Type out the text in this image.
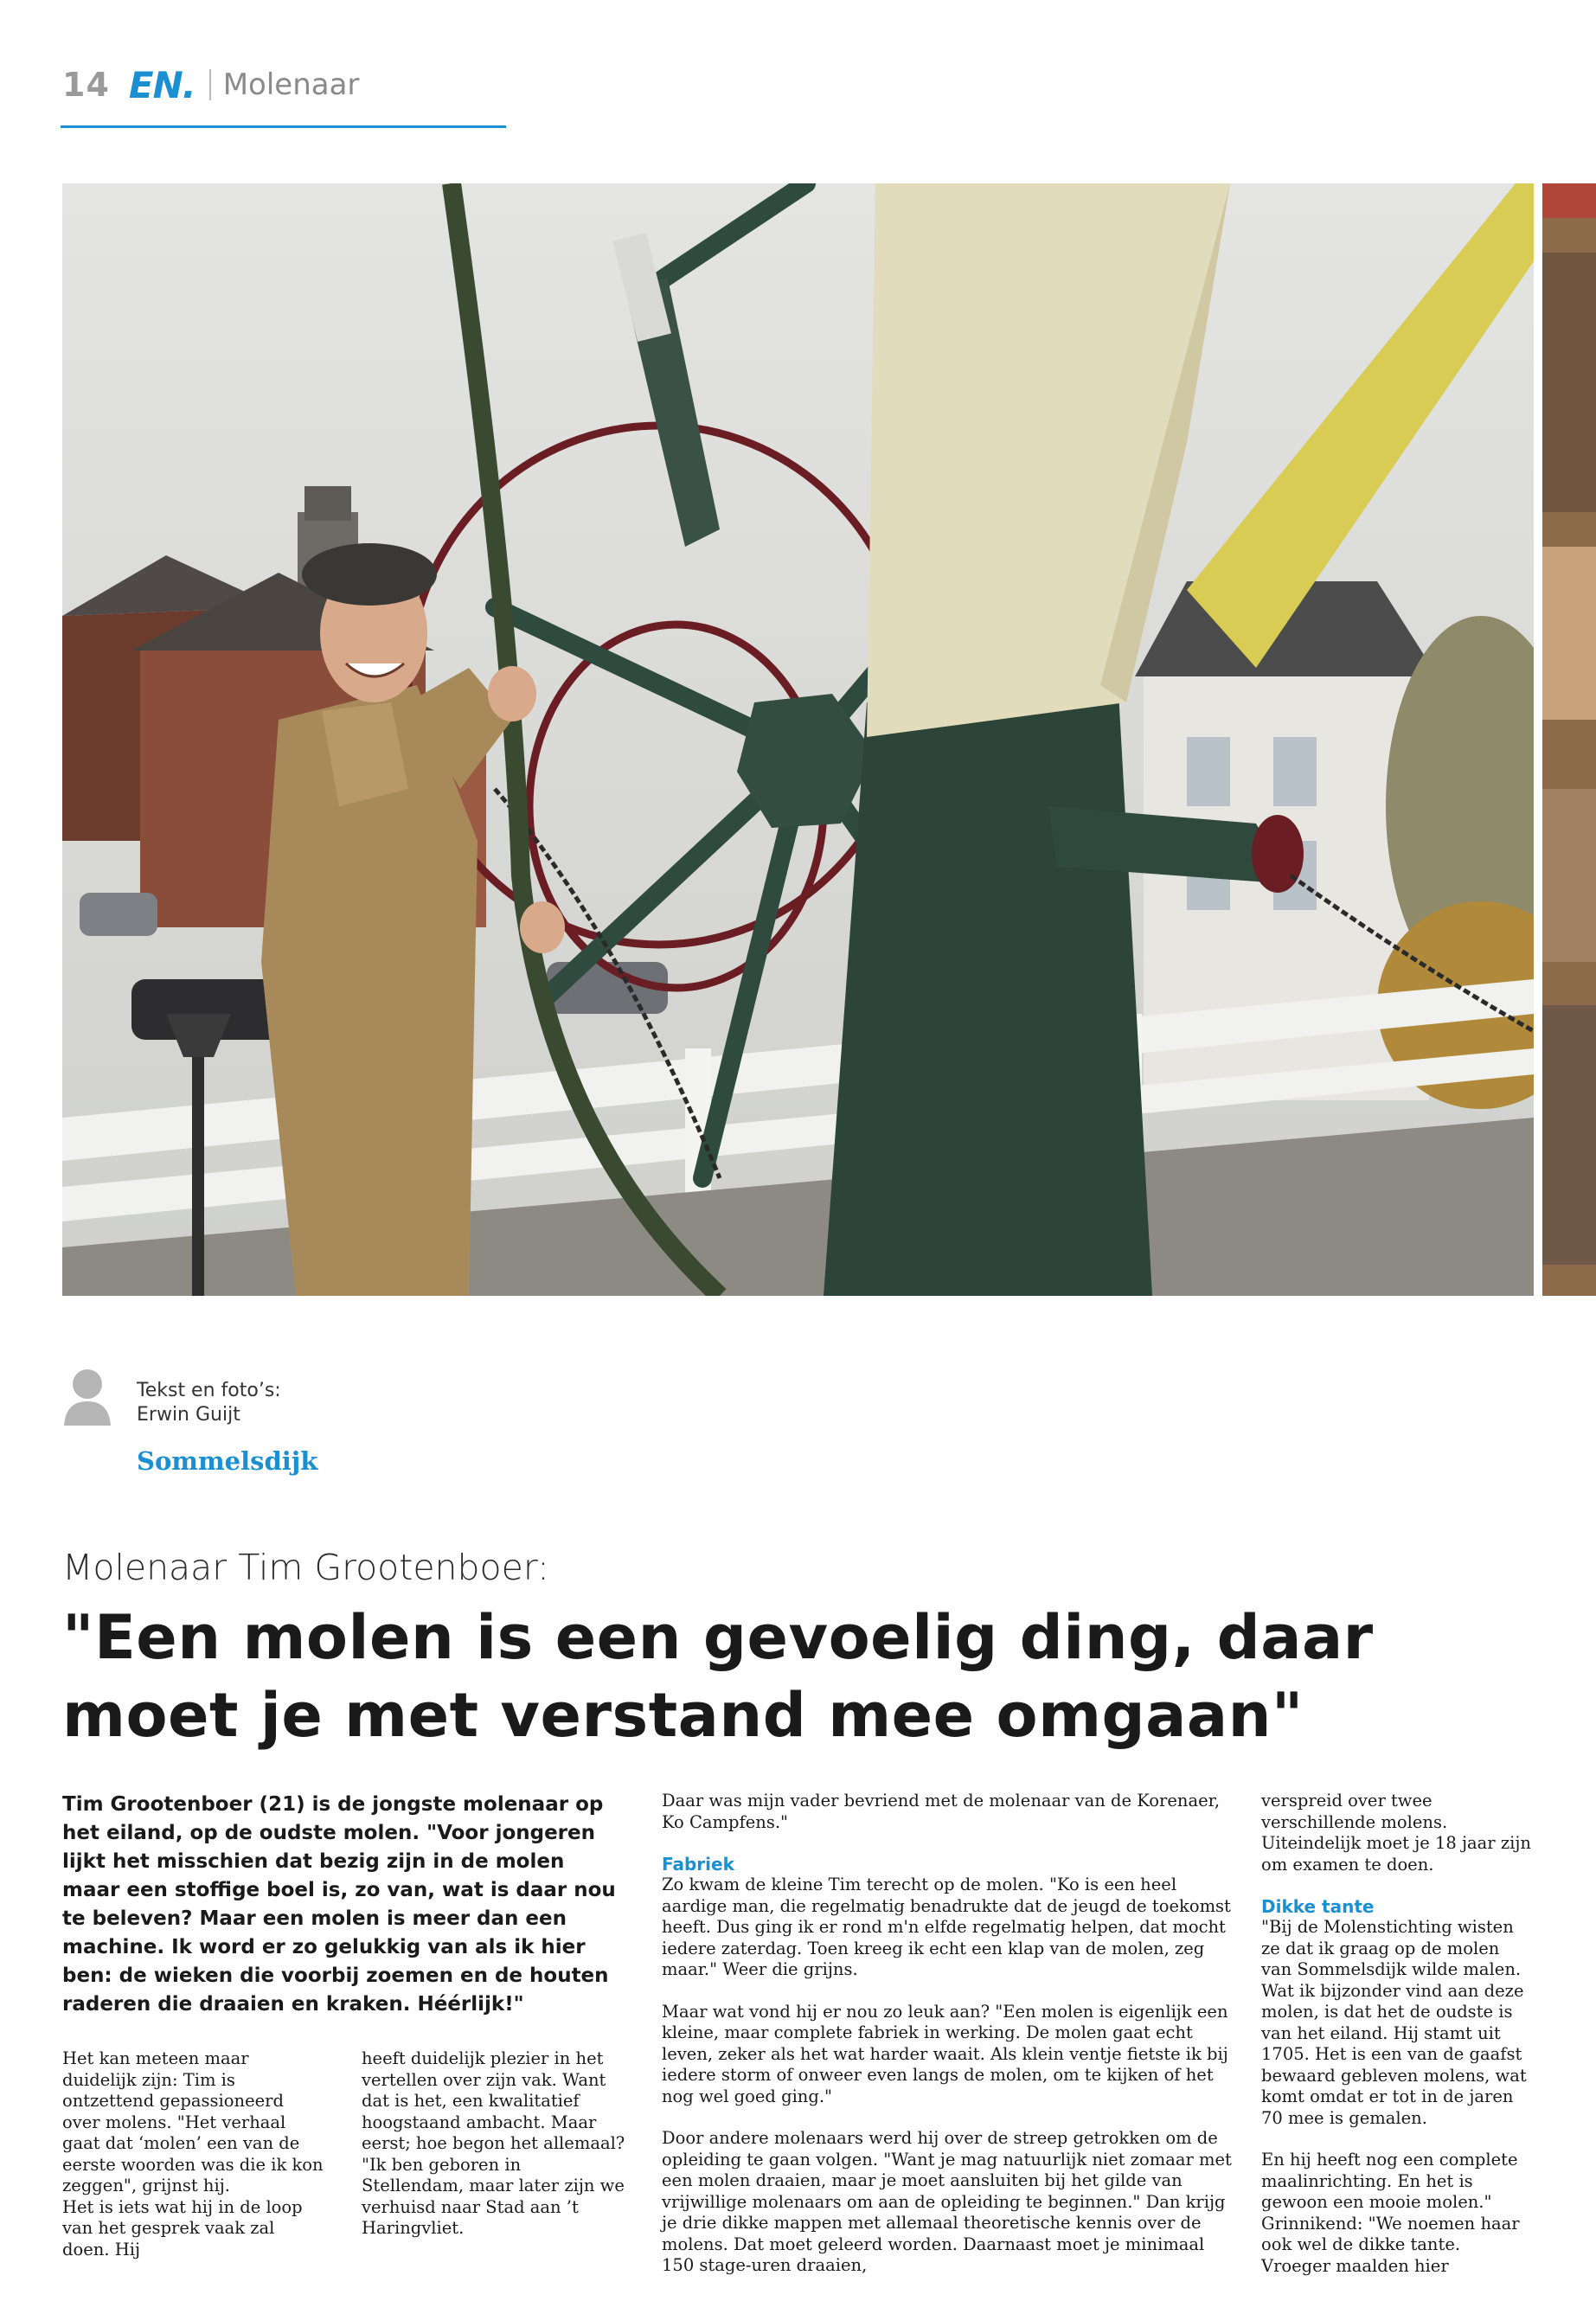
14 EN. Molenaar
Tekst en foto’s:
Erwin Guijt
Sommelsdijk
Molenaar Tim Grootenboer:
"Een molen is een gevoelig ding, daar moet je met verstand mee omgaan"
Tim Grootenboer (21) is de jongste molenaar op het eiland, op de oudste molen. "Voor jongeren lijkt het misschien dat bezig zijn in de molen maar een stoffige boel is, zo van, wat is daar nou te beleven? Maar een molen is meer dan een machine. Ik word er zo gelukkig van als ik hier ben: de wieken die voorbij zoemen en de houten raderen die draaien en kraken. Héérlijk!"

Het kan meteen maar duidelijk zijn: Tim is ontzettend gepassioneerd over molens. "Het verhaal gaat dat ‘molen’ een van de eerste woorden was die ik kon zeggen", grijnst hij.

Het is iets wat hij in de loop van het gesprek vaak zal doen. Hij

heeft duidelijk plezier in het vertellen over zijn vak. Want dat is het, een kwalitatief hoogstaand ambacht. Maar eerst; hoe begon het allemaal? "Ik ben geboren in Stellendam, maar later zijn we verhuisd naar Stad aan ’t Haringvliet.

Daar was mijn vader bevriend met de molenaar van de Korenaer, Ko Campfens."

Fabriek

Zo kwam de kleine Tim terecht op de molen. "Ko is een heel aardige man, die regelmatig benadrukte dat de jeugd de toekomst heeft. Dus ging ik er rond m'n elfde regelmatig helpen, dat mocht iedere zaterdag. Toen kreeg ik echt een klap van de molen, zeg maar." Weer die grijns.

Maar wat vond hij er nou zo leuk aan? "Een molen is eigenlijk een kleine, maar complete fabriek in werking. De molen gaat echt leven, zeker als het wat harder waait. Als klein ventje fietste ik bij iedere storm of onweer even langs de molen, om te kijken of het nog wel goed ging."

Door andere molenaars werd hij over de streep getrokken om de opleiding te gaan volgen. "Want je mag natuurlijk niet zomaar met een molen draaien, maar je moet aansluiten bij het gilde van vrijwillige molenaars om aan de opleiding te beginnen." Dan krijg je drie dikke mappen met allemaal theoretische kennis over de molens. Dat moet geleerd worden. Daarnaast moet je minimaal 150 stage-uren draaien,

verspreid over twee verschillende molens. Uiteindelijk moet je 18 jaar zijn om examen te doen.

Dikke tante

"Bij de Molenstichting wisten ze dat ik graag op de molen van Sommelsdijk wilde malen. Wat ik bijzonder vind aan deze molen, is dat het de oudste is van het eiland. Hij stamt uit 1705. Het is een van de gaafst bewaard gebleven molens, wat komt omdat er tot in de jaren 70 mee is gemalen.

En hij heeft nog een complete maalinrichting. En het is gewoon een mooie molen." Grinnikend: "We noemen haar ook wel de dikke tante. Vroeger maalden hier
